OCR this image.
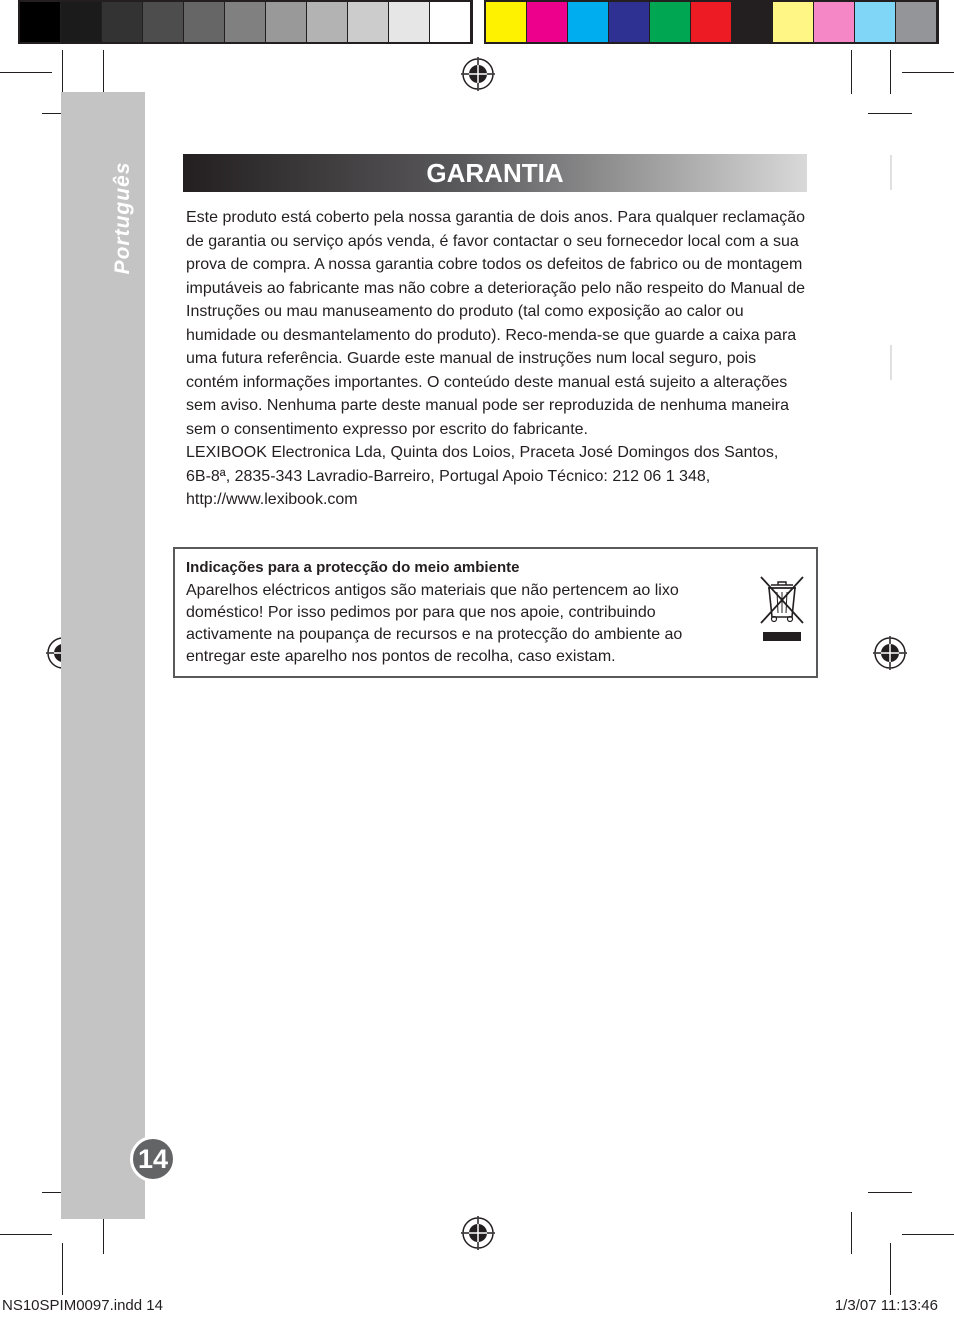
Português
14
GARANTIA

Este produto está coberto pela nossa garantia de dois anos. Para qualquer reclamação de garantia ou serviço após venda, é favor contactar o seu fornecedor local com a sua prova de compra. A nossa garantia cobre todos os defeitos de fabrico ou de montagem imputáveis ao fabricante mas não cobre a deterioração pelo não respeito do Manual de Instruções ou mau manuseamento do produto (tal como exposição ao calor ou humidade ou desmantelamento do produto). Reco-menda-se que guarde a caixa para uma futura referência. Guarde este manual de instruções num local seguro, pois contém informações importantes. O conteúdo deste manual está sujeito a alterações sem aviso. Nenhuma parte deste manual pode ser reproduzida de nenhuma maneira sem o consentimento expresso por escrito do fabricante.

LEXIBOOK Electronica Lda, Quinta dos Loios, Praceta José Domingos dos Santos, 6B-8ª, 2835-343 Lavradio-Barreiro, Portugal Apoio Técnico: 212 06 1 348, http://www.lexibook.com

Indicações para a protecção do meio ambiente

Aparelhos eléctricos antigos são materiais que não pertencem ao lixo doméstico! Por isso pedimos por para que nos apoie, contribuindo activamente na poupança de recursos e na protecção do ambiente ao entregar este aparelho nos pontos de recolha, caso existam.

NS10SPIM0097.indd 14	1/3/07 11:13:46
